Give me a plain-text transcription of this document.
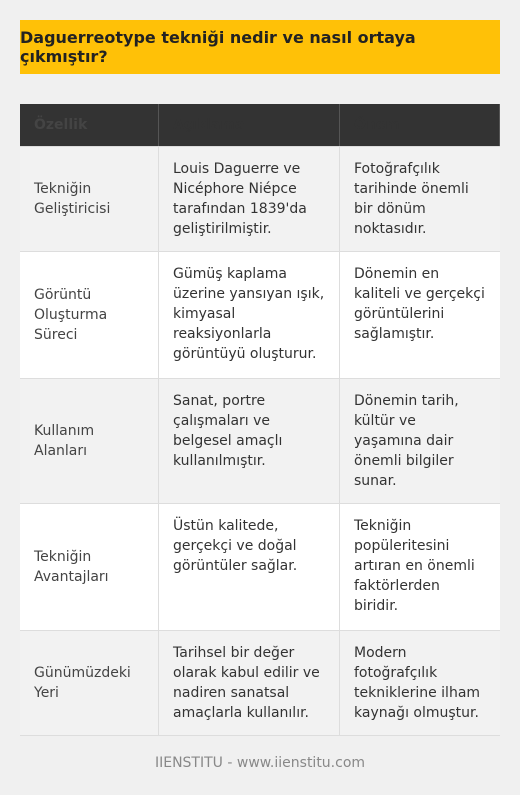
Daguerreotype tekniği nedir ve nasıl ortaya çıkmıştır?
Özellik	Açıklama	Önemi
Tekniğin Geliştiricisi
Louis Daguerre ve Nicéphore Niépce tarafından 1839'da geliştirilmiştir.
Fotoğrafçılık tarihinde önemli bir dönüm noktasıdır.
Görüntü Oluşturma Süreci
Gümüş kaplama üzerine yansıyan ışık, kimyasal reaksiyonlarla görüntüyü oluşturur.
Dönemin en kaliteli ve gerçekçi görüntülerini sağlamıştır.
Kullanım Alanları
Sanat, portre çalışmaları ve belgesel amaçlı kullanılmıştır.
Dönemin tarih, kültür ve yaşamına dair önemli bilgiler sunar.
Tekniğin Avantajları
Üstün kalitede, gerçekçi ve doğal görüntüler sağlar.
Tekniğin popüleritesini artıran en önemli faktörlerden biridir.
Günümüzdeki Yeri
Tarihsel bir değer olarak kabul edilir ve nadiren sanatsal amaçlarla kullanılır.
Modern fotoğrafçılık tekniklerine ilham kaynağı olmuştur.
IIENSTITU - www.iienstitu.com
